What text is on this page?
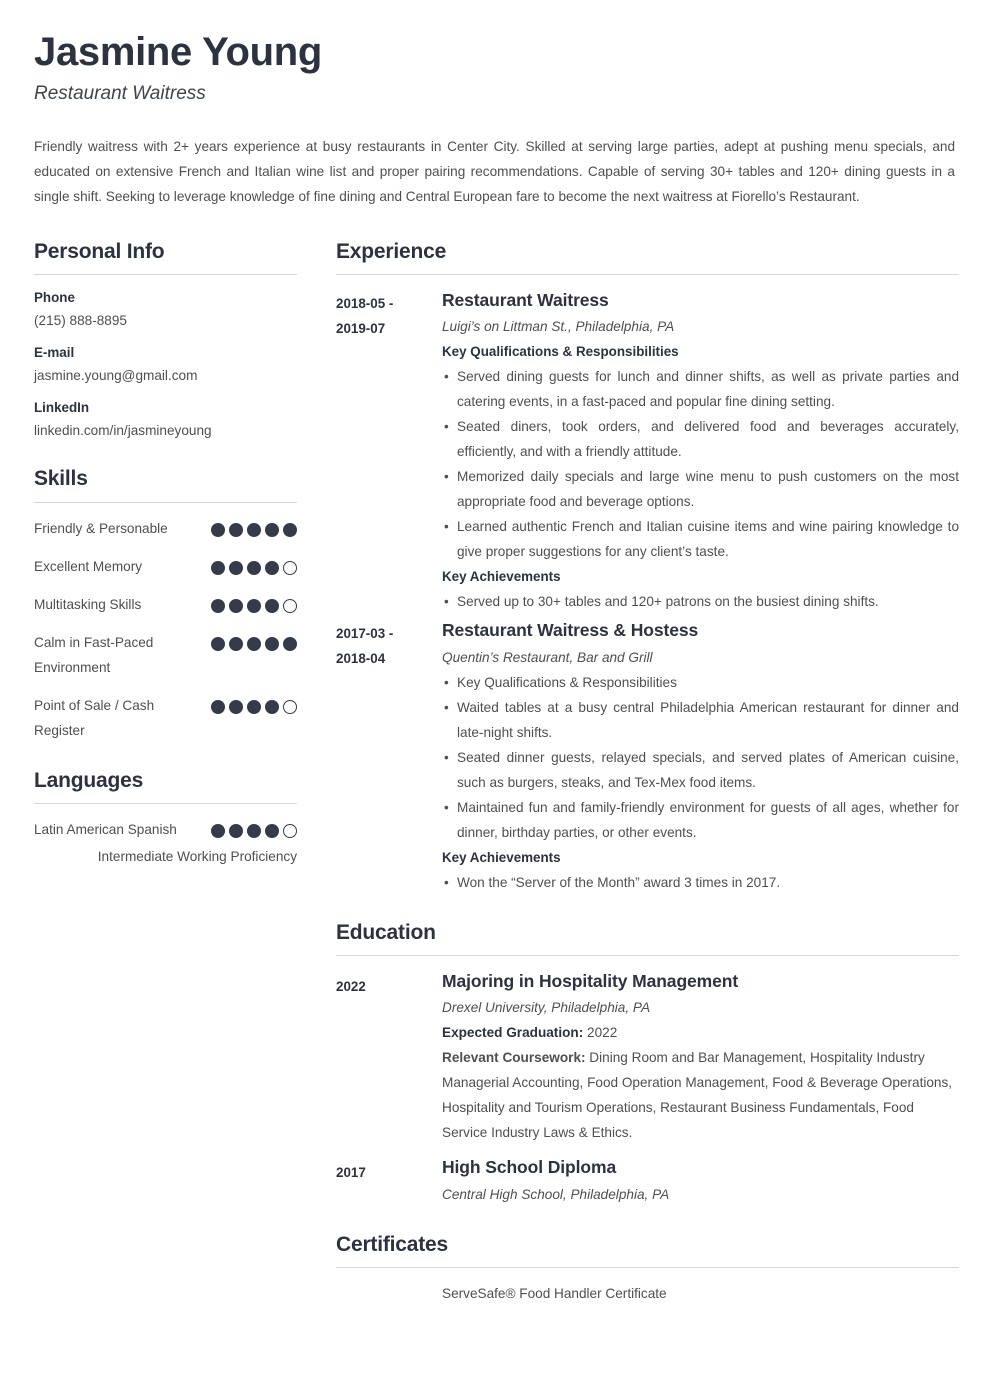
Jasmine Young
Restaurant Waitress

Friendly waitress with 2+ years experience at busy restaurants in Center City. Skilled at serving large parties, adept at pushing menu specials, and educated on extensive French and Italian wine list and proper pairing recommendations. Capable of serving 30+ tables and 120+ dining guests in a single shift. Seeking to leverage knowledge of fine dining and Central European fare to become the next waitress at Fiorello’s Restaurant.

Personal Info
Phone
(215) 888-8895
E-mail
jasmine.young@gmail.com
LinkedIn
linkedin.com/in/jasmineyoung
Skills
Friendly & Personable
Excellent Memory
Multitasking Skills
Calm in Fast-Paced Environment
Point of Sale / Cash Register
Languages
Latin American Spanish
Intermediate Working Proficiency
Experience
2018-05 -
2019-07
Restaurant Waitress
Luigi’s on Littman St., Philadelphia, PA
Key Qualifications & Responsibilities
• Served dining guests for lunch and dinner shifts, as well as private parties and catering events, in a fast-paced and popular fine dining setting.
• Seated diners, took orders, and delivered food and beverages accurately, efficiently, and with a friendly attitude.
• Memorized daily specials and large wine menu to push customers on the most appropriate food and beverage options.
• Learned authentic French and Italian cuisine items and wine pairing knowledge to give proper suggestions for any client’s taste.
Key Achievements
• Served up to 30+ tables and 120+ patrons on the busiest dining shifts.
2017-03 -
2018-04
Restaurant Waitress & Hostess
Quentin’s Restaurant, Bar and Grill
• Key Qualifications & Responsibilities
• Waited tables at a busy central Philadelphia American restaurant for dinner and late-night shifts.
• Seated dinner guests, relayed specials, and served plates of American cuisine, such as burgers, steaks, and Tex-Mex food items.
• Maintained fun and family-friendly environment for guests of all ages, whether for dinner, birthday parties, or other events.
Key Achievements
• Won the “Server of the Month” award 3 times in 2017.
Education
2022	Majoring in Hospitality Management
Drexel University, Philadelphia, PA
Expected Graduation: 2022
Relevant Coursework: Dining Room and Bar Management, Hospitality Industry Managerial Accounting, Food Operation Management, Food & Beverage Operations, Hospitality and Tourism Operations, Restaurant Business Fundamentals, Food Service Industry Laws & Ethics.
2017	High School Diploma
Central High School, Philadelphia, PA
Certificates
ServeSafe® Food Handler Certificate
